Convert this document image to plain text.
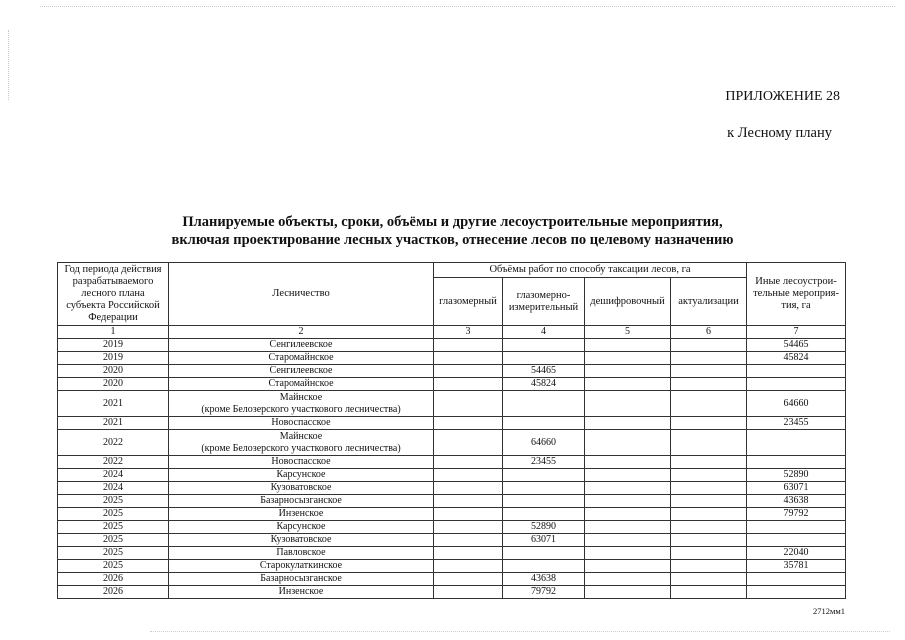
ПРИЛОЖЕНИЕ 28
к Лесному плану
Планируемые объекты, сроки, объёмы и другие лесоустроительные мероприятия,
включая проектирование лесных участков, отнесение лесов по целевому назначению
Год периода действия
разрабатываемого
лесного плана
субъекта Российской
Федерации	Лесничество	Объёмы работ по способу таксации лесов, га				Иные лесоустрои-
тельные мероприя-
тия, га

		глазомерный	глазомерно-
измерительный	дешифровочный	актуализации	
1	2	3	4	5	6	7
2019	Сенгилеевское					54465
2019	Старомайнское					45824
2020	Сенгилеевское		54465			
2020	Старомайнское		45824			
2021	Майнское
(кроме Белозерского участкового лесничества)					64660
2021	Новоспасское					23455
2022	Майнское
(кроме Белозерского участкового лесничества)		64660			
2022	Новоспасское		23455			
2024	Карсунское					52890
2024	Кузоватовское					63071
2025	Базарносызганское					43638
2025	Инзенское					79792
2025	Карсунское		52890			
2025	Кузоватовское		63071			
2025	Павловское					22040
2025	Старокулаткинское					35781
2026	Базарносызганское		43638			
2026	Инзенское		79792			
2712мм1
